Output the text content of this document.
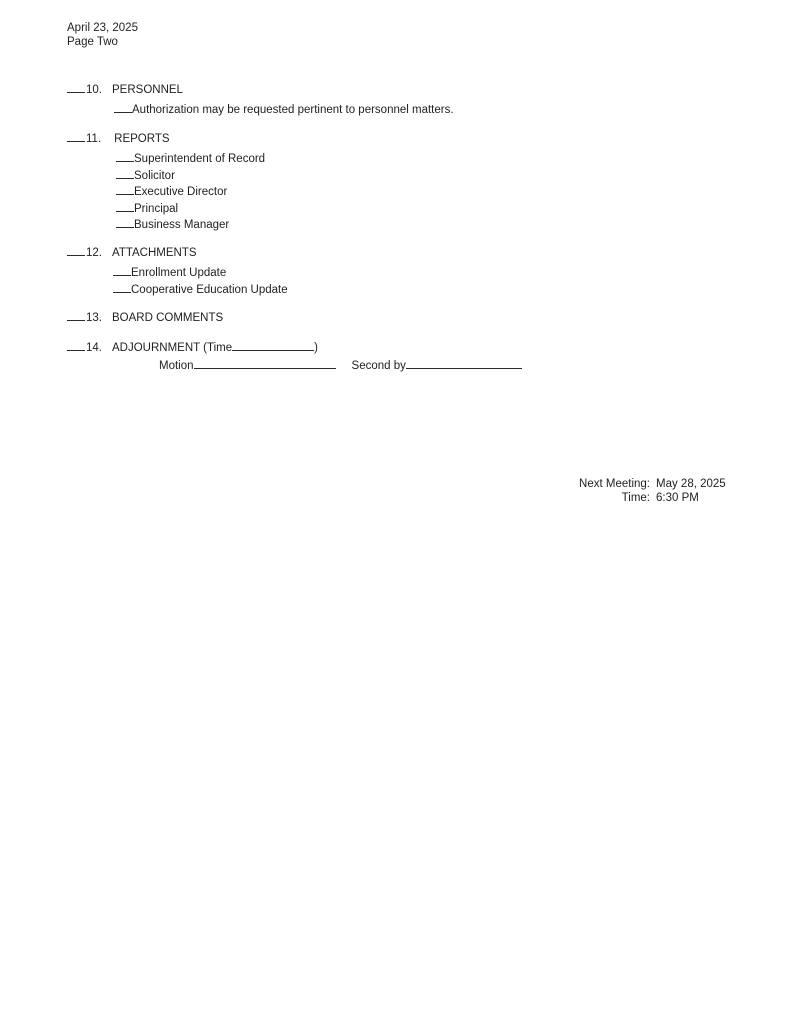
April 23, 2025
Page Two
10. PERSONNEL
Authorization may be requested pertinent to personnel matters.
11. REPORTS
Superintendent of Record
Solicitor
Executive Director
Principal
Business Manager
12. ATTACHMENTS
Enrollment Update
Cooperative Education Update
13. BOARD COMMENTS
14. ADJOURNMENT (Time	)
Motion	Second by
Next Meeting: May 28, 2025
Time: 6:30 PM
